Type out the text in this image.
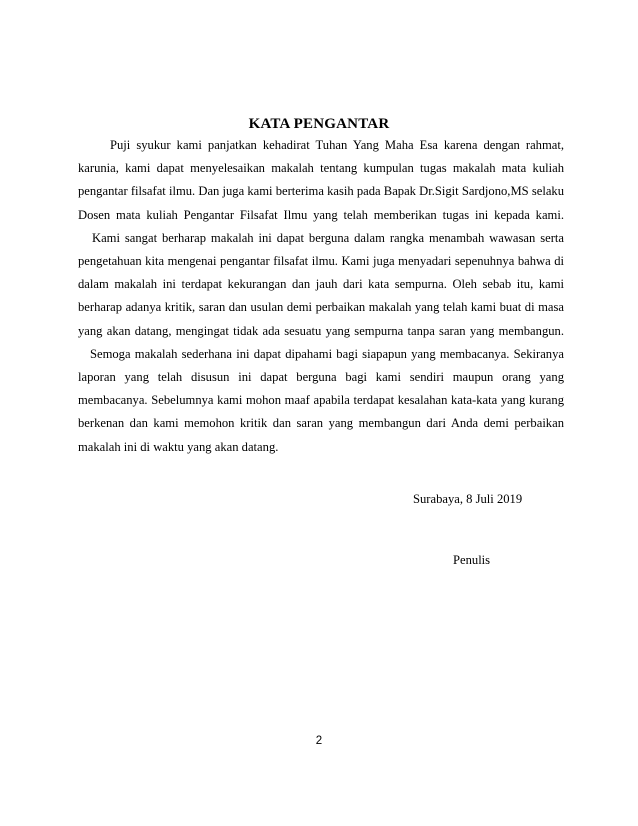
KATA PENGANTAR

Puji syukur kami panjatkan kehadirat Tuhan Yang Maha Esa karena dengan rahmat, karunia, kami dapat menyelesaikan makalah tentang kumpulan tugas makalah mata kuliah pengantar filsafat ilmu. Dan juga kami berterima kasih pada Bapak Dr.Sigit Sardjono,MS selaku Dosen mata kuliah Pengantar Filsafat Ilmu yang telah memberikan tugas ini kepada kami.

Kami sangat berharap makalah ini dapat berguna dalam rangka menambah wawasan serta pengetahuan kita mengenai pengantar filsafat ilmu. Kami juga menyadari sepenuhnya bahwa di dalam makalah ini terdapat kekurangan dan jauh dari kata sempurna. Oleh sebab itu, kami berharap adanya kritik, saran dan usulan demi perbaikan makalah yang telah kami buat di masa yang akan datang, mengingat tidak ada sesuatu yang sempurna tanpa saran yang membangun.

Semoga makalah sederhana ini dapat dipahami bagi siapapun yang membacanya. Sekiranya laporan yang telah disusun ini dapat berguna bagi kami sendiri maupun orang yang membacanya. Sebelumnya kami mohon maaf apabila terdapat kesalahan kata-kata yang kurang berkenan dan kami memohon kritik dan saran yang membangun dari Anda demi perbaikan makalah ini di waktu yang akan datang.

Surabaya, 8 Juli 2019
Penulis
2
